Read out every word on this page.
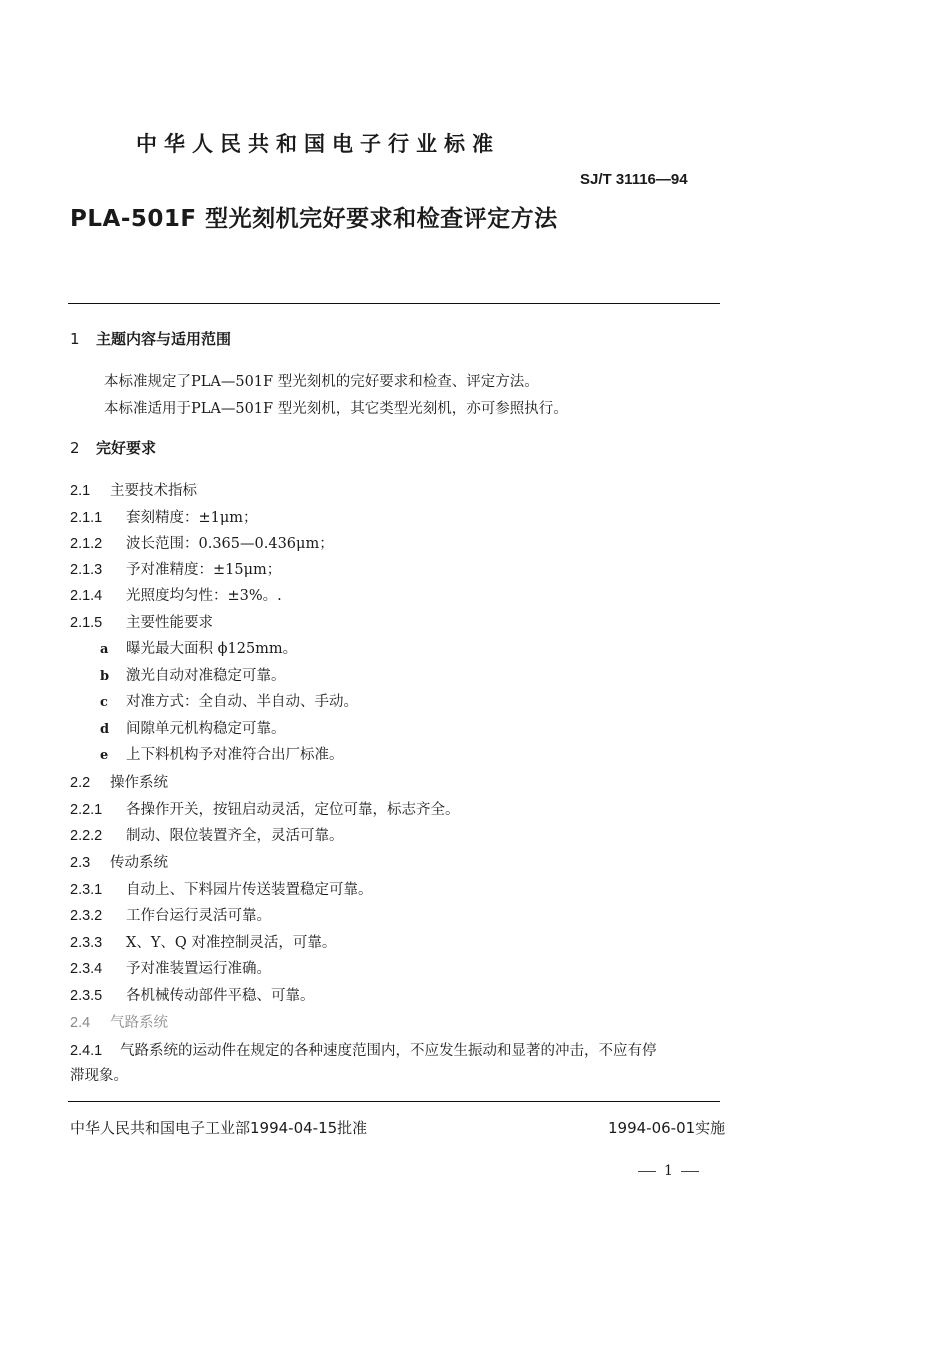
中华人民共和国电子行业标准
SJ/T 31116—94
PLA-501F 型光刻机完好要求和检查评定方法
1 主题内容与适用范围
本标准规定了PLA—501F 型光刻机的完好要求和检查、评定方法。
本标准适用于PLA—501F 型光刻机，其它类型光刻机，亦可参照执行。
2 完好要求
2.1 主要技术指标
2.1.1 套刻精度：±1μm；
2.1.2 波长范围：0.365—0.436μm；
2.1.3 予对准精度：±15μm；
2.1.4 光照度均匀性：±3%。.
2.1.5 主要性能要求
a 曝光最大面积 ϕ125mm。
b 激光自动对准稳定可靠。
c 对准方式：全自动、半自动、手动。
d 间隙单元机构稳定可靠。
e 上下料机构予对准符合出厂标准。
2.2 操作系统
2.2.1 各操作开关，按钮启动灵活，定位可靠，标志齐全。
2.2.2 制动、限位装置齐全，灵活可靠。
2.3 传动系统
2.3.1 自动上、下料园片传送装置稳定可靠。
2.3.2 工作台运行灵活可靠。
2.3.3 X、Y、Q 对准控制灵活，可靠。
2.3.4 予对准装置运行准确。
2.3.5 各机械传动部件平稳、可靠。
2.4 气路系统
2.4.1 气路系统的运动件在规定的各种速度范围内，不应发生振动和显著的冲击，不应有停
滞现象。
中华人民共和国电子工业部1994-04-15批准	1994-06-01实施
1
